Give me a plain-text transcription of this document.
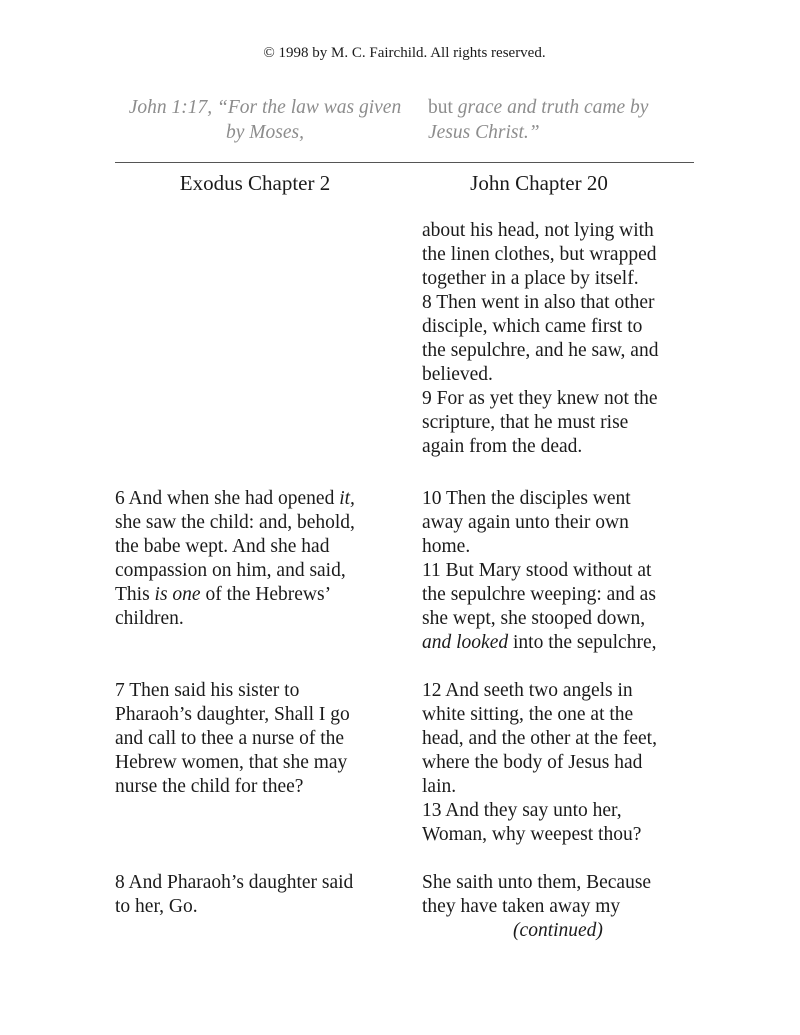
© 1998 by M. C. Fairchild. All rights reserved.
John 1:17, “For the law was given
by Moses,
but grace and truth came by
Jesus Christ.”
Exodus Chapter 2	John Chapter 20
about his head, not lying with
the linen clothes, but wrapped
together in a place by itself.
8 Then went in also that other
disciple, which came first to
the sepulchre, and he saw, and
believed.
9 For as yet they knew not the
scripture, that he must rise
again from the dead.
6 And when she had opened it,
she saw the child: and, behold,
the babe wept. And she had
compassion on him, and said,
This is one of the Hebrews’
children.
10 Then the disciples went
away again unto their own
home.
11 But Mary stood without at
the sepulchre weeping: and as
she wept, she stooped down,
and looked into the sepulchre,
7 Then said his sister to
Pharaoh’s daughter, Shall I go
and call to thee a nurse of the
Hebrew women, that she may
nurse the child for thee?
12 And seeth two angels in
white sitting, the one at the
head, and the other at the feet,
where the body of Jesus had
lain.
13 And they say unto her,
Woman, why weepest thou?
8 And Pharaoh’s daughter said
to her, Go.
She saith unto them, Because
they have taken away my
(continued)
